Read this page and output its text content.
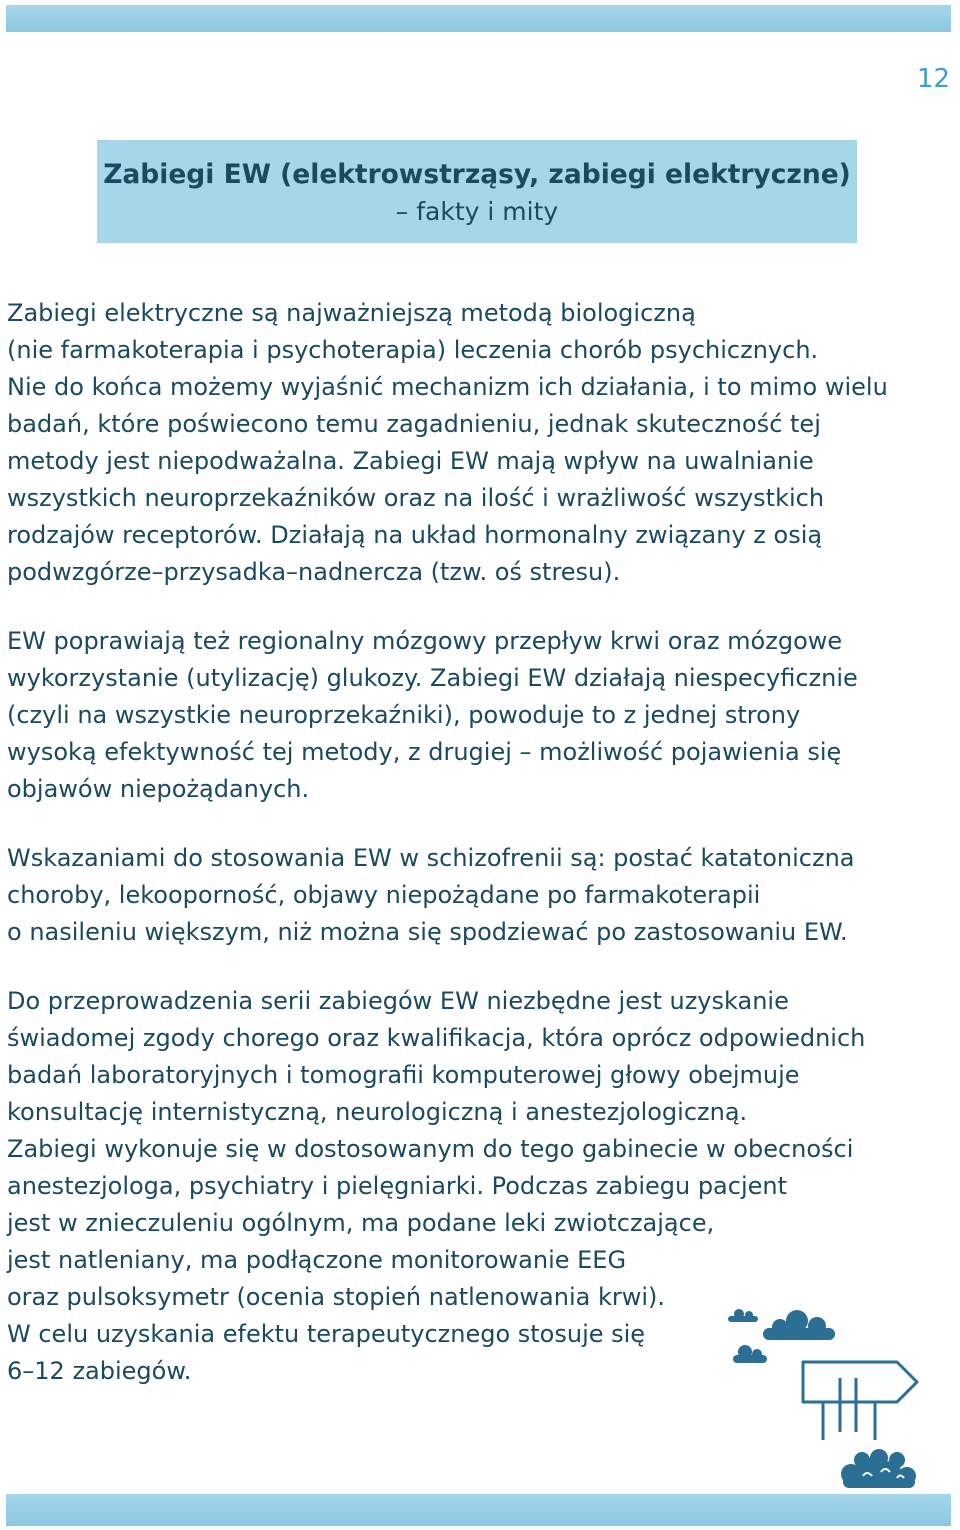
12
Zabiegi EW (elektrowstrząsy, zabiegi elektryczne)
– fakty i mity
Zabiegi elektryczne są najważniejszą metodą biologiczną
(nie farmakoterapia i psychoterapia) leczenia chorób psychicznych.
Nie do końca możemy wyjaśnić mechanizm ich działania, i to mimo wielu
badań, które poświecono temu zagadnieniu, jednak skuteczność tej
metody jest niepodważalna. Zabiegi EW mają wpływ na uwalnianie
wszystkich neuroprzekaźników oraz na ilość i wrażliwość wszystkich
rodzajów receptorów. Działają na układ hormonalny związany z osią
podwzgórze–przysadka–nadnercza (tzw. oś stresu).
EW poprawiają też regionalny mózgowy przepływ krwi oraz mózgowe
wykorzystanie (utylizację) glukozy. Zabiegi EW działają niespecyficznie
(czyli na wszystkie neuroprzekaźniki), powoduje to z jednej strony
wysoką efektywność tej metody, z drugiej – możliwość pojawienia się
objawów niepożądanych.
Wskazaniami do stosowania EW w schizofrenii są: postać katatoniczna
choroby, lekooporność, objawy niepożądane po farmakoterapii
o nasileniu większym, niż można się spodziewać po zastosowaniu EW.
Do przeprowadzenia serii zabiegów EW niezbędne jest uzyskanie
świadomej zgody chorego oraz kwalifikacja, która oprócz odpowiednich
badań laboratoryjnych i tomografii komputerowej głowy obejmuje
konsultację internistyczną, neurologiczną i anestezjologiczną.
Zabiegi wykonuje się w dostosowanym do tego gabinecie w obecności
anestezjologa, psychiatry i pielęgniarki. Podczas zabiegu pacjent
jest w znieczuleniu ogólnym, ma podane leki zwiotczające,
jest natleniany, ma podłączone monitorowanie EEG
oraz pulsoksymetr (ocenia stopień natlenowania krwi).
W celu uzyskania efektu terapeutycznego stosuje się
6–12 zabiegów.
